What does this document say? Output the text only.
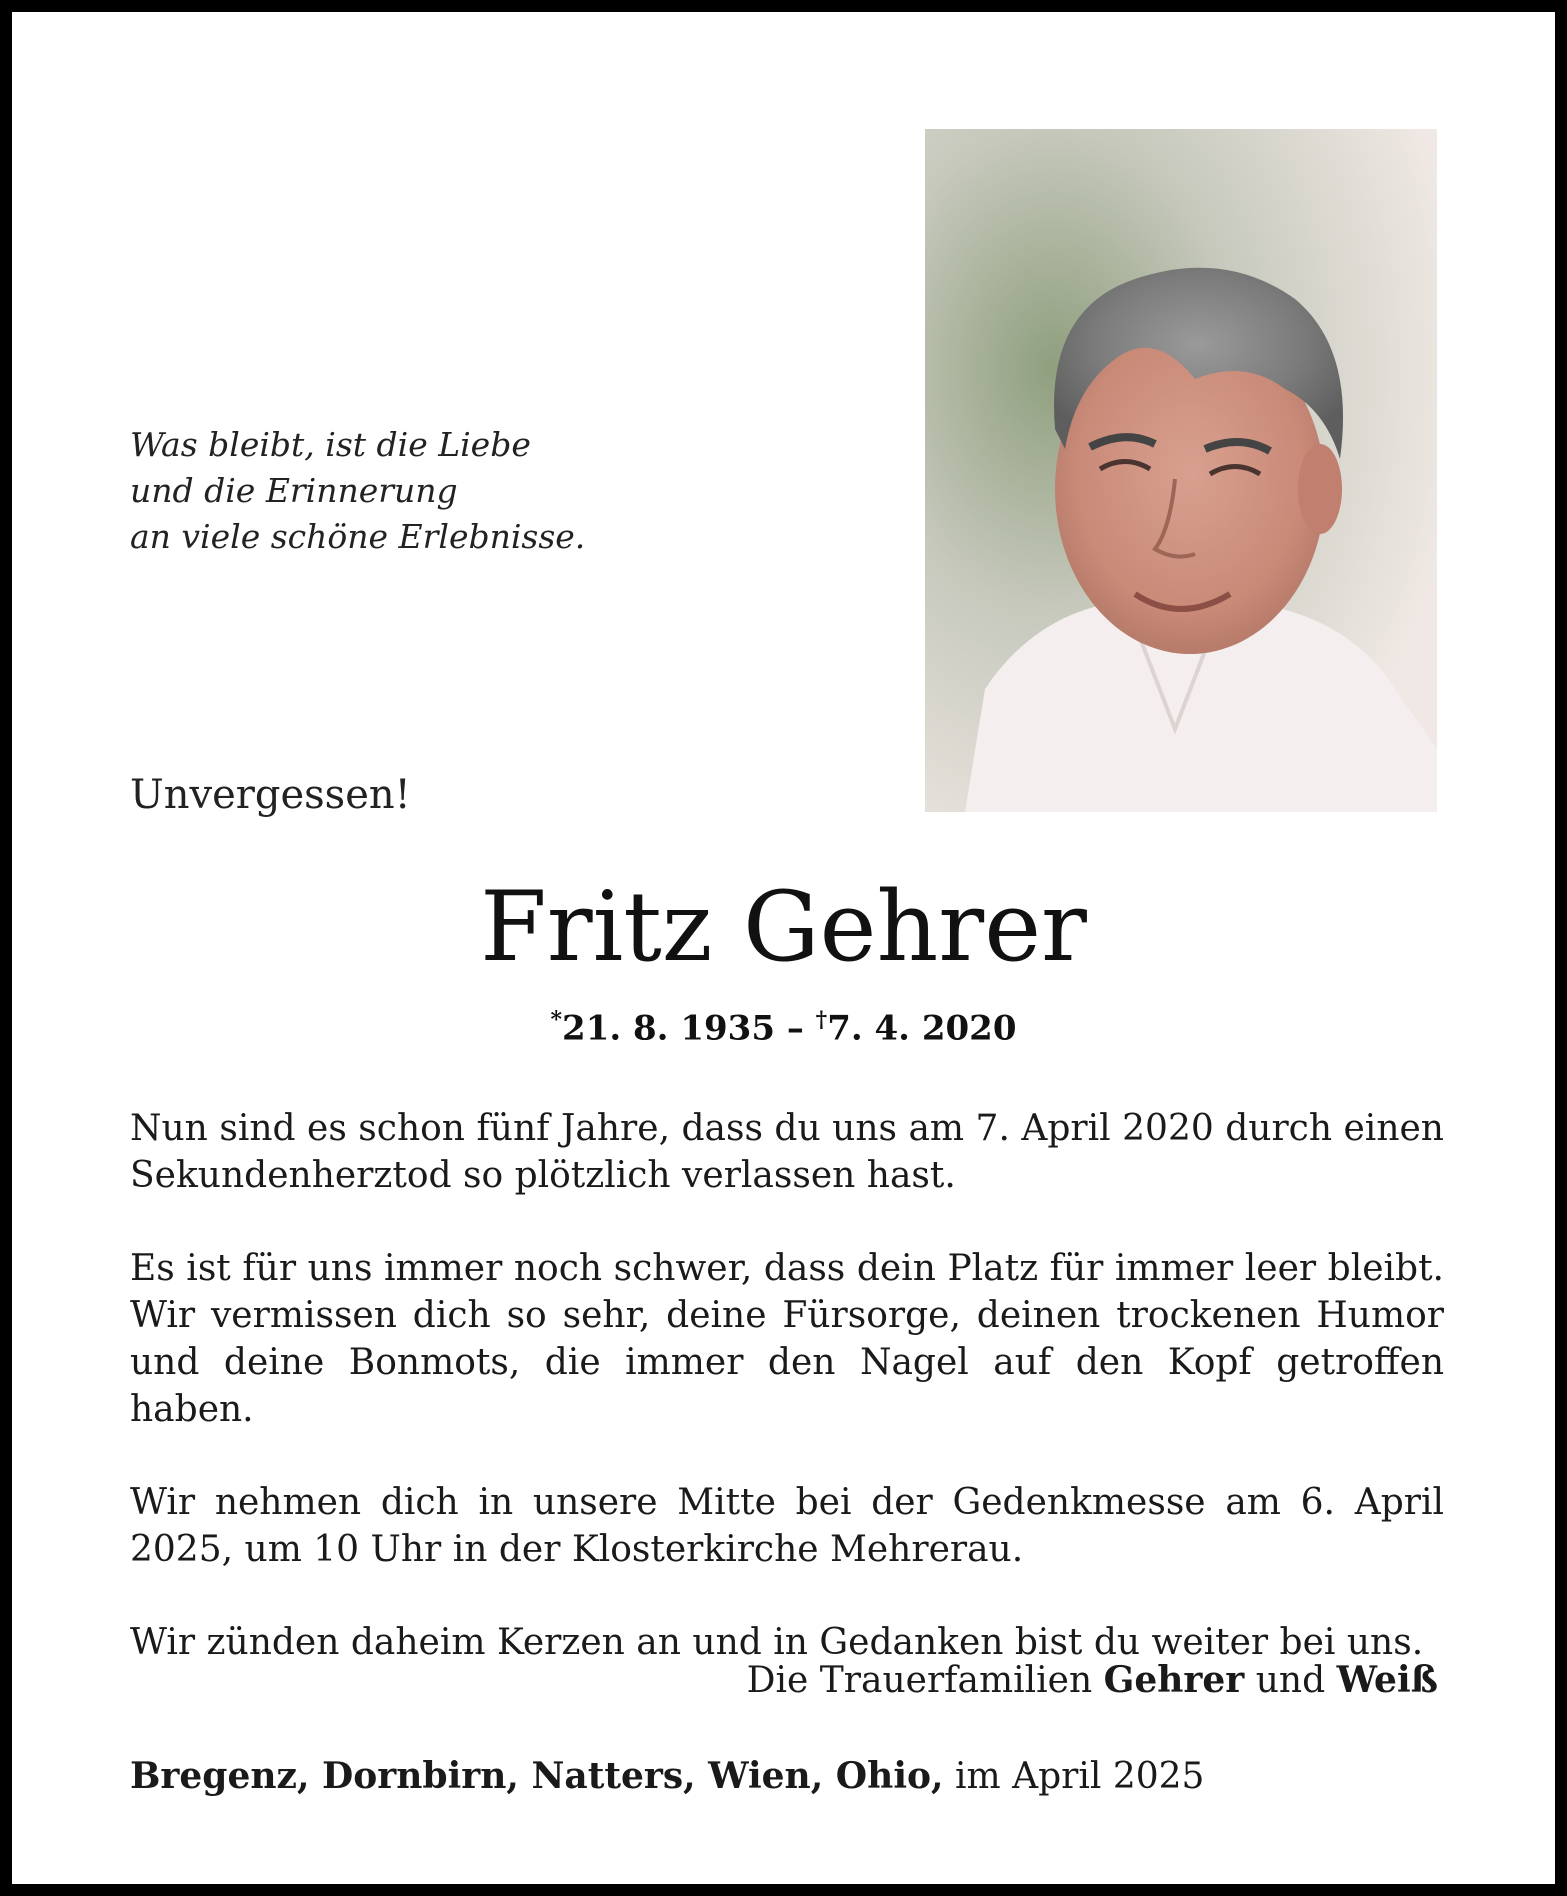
Was bleibt, ist die Liebe
und die Erinnerung
an viele schöne Erlebnisse.
Unvergessen!
Fritz Gehrer
*21. 8. 1935 – †7. 4. 2020

Nun sind es schon fünf Jahre, dass du uns am 7. April 2020 durch einen Sekundenherztod so plötzlich verlassen hast.

Es ist für uns immer noch schwer, dass dein Platz für immer leer bleibt. Wir vermissen dich so sehr, deine Fürsorge, deinen trockenen Humor und deine Bonmots, die immer den Nagel auf den Kopf getroffen haben.

Wir nehmen dich in unsere Mitte bei der Gedenkmesse am 6. April 2025, um 10 Uhr in der Klosterkirche Mehrerau.

Wir zünden daheim Kerzen an und in Gedanken bist du weiter bei uns.

Die Trauerfamilien Gehrer und Weiß
Bregenz, Dornbirn, Natters, Wien, Ohio, im April 2025
